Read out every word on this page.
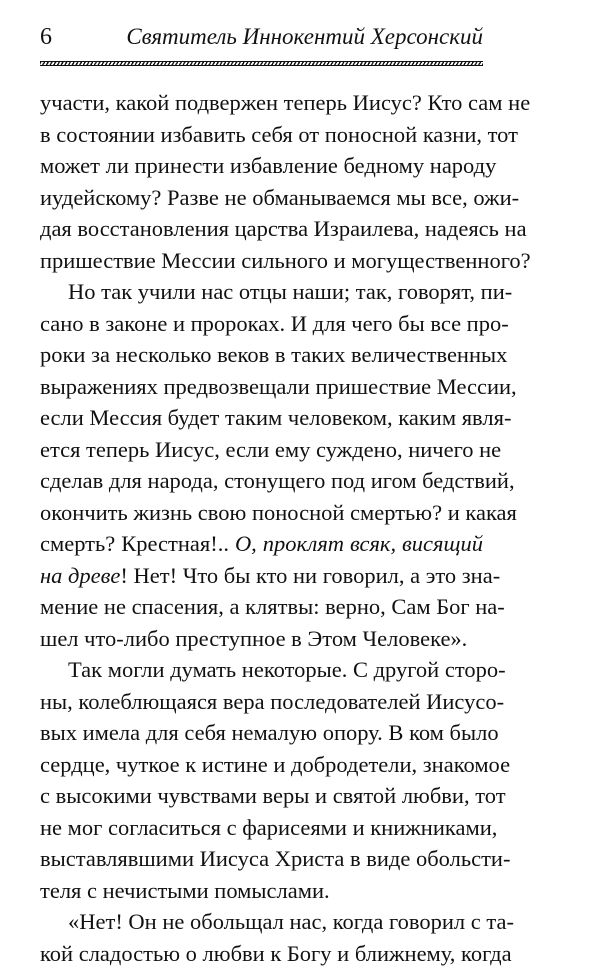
6	Святитель Иннокентий Херсонский
участи, какой подвержен теперь Иисус? Кто сам не
в состоянии избавить себя от поносной казни, тот
может ли принести избавление бедному народу
иудейскому? Разве не обманываемся мы все, ожи-
дая восстановления царства Израилева, надеясь на
пришествие Мессии сильного и могущественного?
Но так учили нас отцы наши; так, говорят, пи-
сано в законе и пророках. И для чего бы все про-
роки за несколько веков в таких величественных
выражениях предвозвещали пришествие Мессии,
если Мессия будет таким человеком, каким явля-
ется теперь Иисус, если ему суждено, ничего не
сделав для народа, стонущего под игом бедствий,
окончить жизнь свою поносной смертью? и какая
смерть? Крестная!.. О, проклят всяк, висящий
на древе! Нет! Что бы кто ни говорил, а это зна-
мение не спасения, а клятвы: верно, Сам Бог на-
шел что-либо преступное в Этом Человеке».
Так могли думать некоторые. С другой сторо-
ны, колеблющаяся вера последователей Иисусо-
вых имела для себя немалую опору. В ком было
сердце, чуткое к истине и добродетели, знакомое
с высокими чувствами веры и святой любви, тот
не мог согласиться с фарисеями и книжниками,
выставлявшими Иисуса Христа в виде обольсти-
теля с нечистыми помыслами.
«Нет! Он не обольщал нас, когда говорил с та-
кой сладостью о любви к Богу и ближнему, когда
